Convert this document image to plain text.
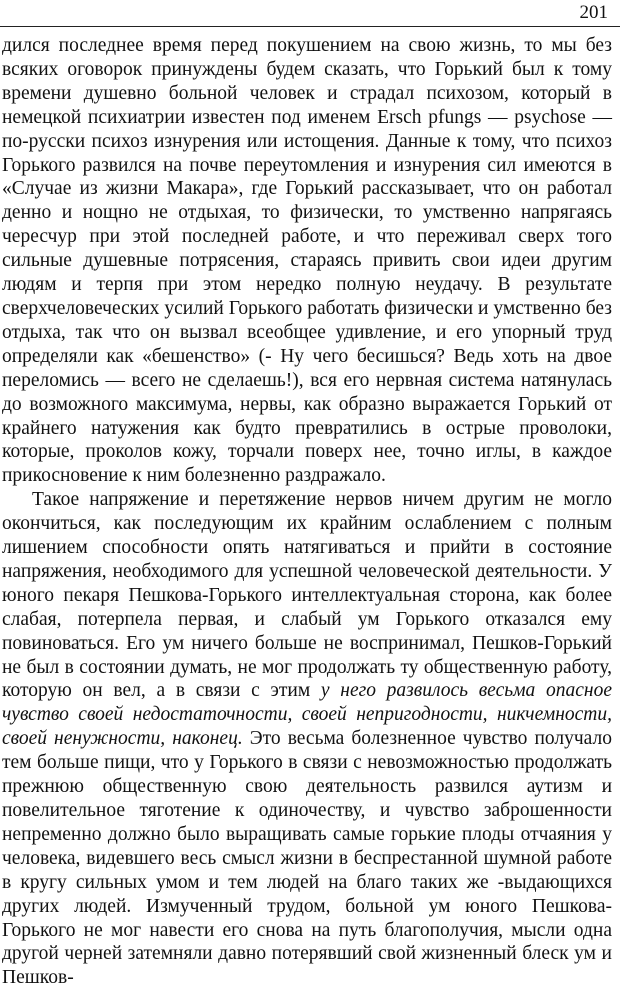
201

дился последнее время перед покушением на свою жизнь, то мы без всяких оговорок принуждены будем сказать, что Горький был к тому времени душевно больной человек и страдал психозом, который в немецкой психиатрии известен под именем Ersch pfungs — psychose — по-русски психоз изнурения или истощения. Данные к тому, что психоз Горького развился на почве переутомления и изнурения сил имеются в «Случае из жизни Макара», где Горький рассказывает, что он работал денно и нощно не отдыхая, то физически, то умственно напрягаясь чересчур при этой последней работе, и что переживал сверх того сильные душевные потрясения, стараясь привить свои идеи другим людям и терпя при этом нередко полную неудачу. В результате сверхчеловеческих усилий Горького работать физически и умственно без отдыха, так что он вызвал всеобщее удивление, и его упорный труд определяли как «бешенство» (- Ну чего бесишься? Ведь хоть на двое переломись — всего не сделаешь!), вся его нервная система натянулась до возможного максимума, нервы, как образно выражается Горький от крайнего натужения как будто превратились в острые проволоки, которые, проколов кожу, торчали поверх нее, точно иглы, в каждое прикосновение к ним болезненно раздражало.

Такое напряжение и перетяжение нервов ничем другим не могло окончиться, как последующим их крайним ослаблением с полным лишением способности опять натягиваться и прийти в состояние напряжения, необходимого для успешной человеческой деятельности. У юного пекаря Пешкова-Горького интеллектуальная сторона, как более слабая, потерпела первая, и слабый ум Горького отказался ему повиноваться. Его ум ничего больше не воспринимал, Пешков-Горький не был в состоянии думать, не мог продолжать ту общественную работу, которую он вел, а в связи с этим у него развилось весьма опасное чувство своей недостаточности, своей непригодности, никчемности, своей ненужности, наконец. Это весьма болезненное чувство получало тем больше пищи, что у Горького в связи с невозможностью продолжать прежнюю общественную свою деятельность развился аутизм и повелительное тяготение к одиночеству, и чувство заброшенности непременно должно было выращивать самые горькие плоды отчаяния у человека, видевшего весь смысл жизни в беспрестанной шумной работе в кругу сильных умом и тем людей на благо таких же -выдающихся других людей. Измученный трудом, больной ум юного Пешкова-Горького не мог навести его снова на путь благополучия, мысли одна другой черней затемняли давно потерявший свой жизненный блеск ум и Пешков-
